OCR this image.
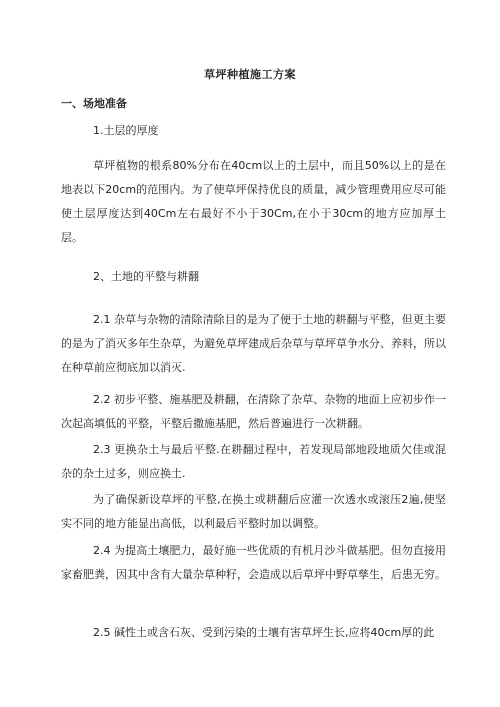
草坪种植施工方案
一、场地准备
1.土层的厚度

草坪植物的根系80%分布在40cm以上的土层中，而且50%以上的是在地表以下20cm的范围内。为了使草坪保持优良的质量，减少管理费用应尽可能使土层厚度达到40Cm左右最好不小于30Cm,在小于30cm的地方应加厚土层。

2、土地的平整与耕翻

2.1 杂草与杂物的清除清除目的是为了便于土地的耕翻与平整，但更主要的是为了消灭多年生杂草，为避免草坪建成后杂草与草坪草争水分、养料，所以在种草前应彻底加以消灭.

2.2 初步平整、施基肥及耕翻，在清除了杂草、杂物的地面上应初步作一次起高填低的平整，平整后撒施基肥，然后普遍进行一次耕翻。

2.3 更换杂土与最后平整.在耕翻过程中，若发现局部地段地质欠佳或混杂的杂土过多，则应换土.

为了确保新设草坪的平整,在换土或耕翻后应灌一次透水或滚压2遍,使坚实不同的地方能显出高低，以利最后平整时加以调整。

2.4 为提高土壤肥力，最好施一些优质的有机月沙斗做基肥。但勿直接用家畜肥粪，因其中含有大量杂草种籽，会造成以后草坪中野草孳生，后患无穷。

2.5 碱性土或含石灰、受到污染的土壤有害草坪生长,应将40cm厚的此
